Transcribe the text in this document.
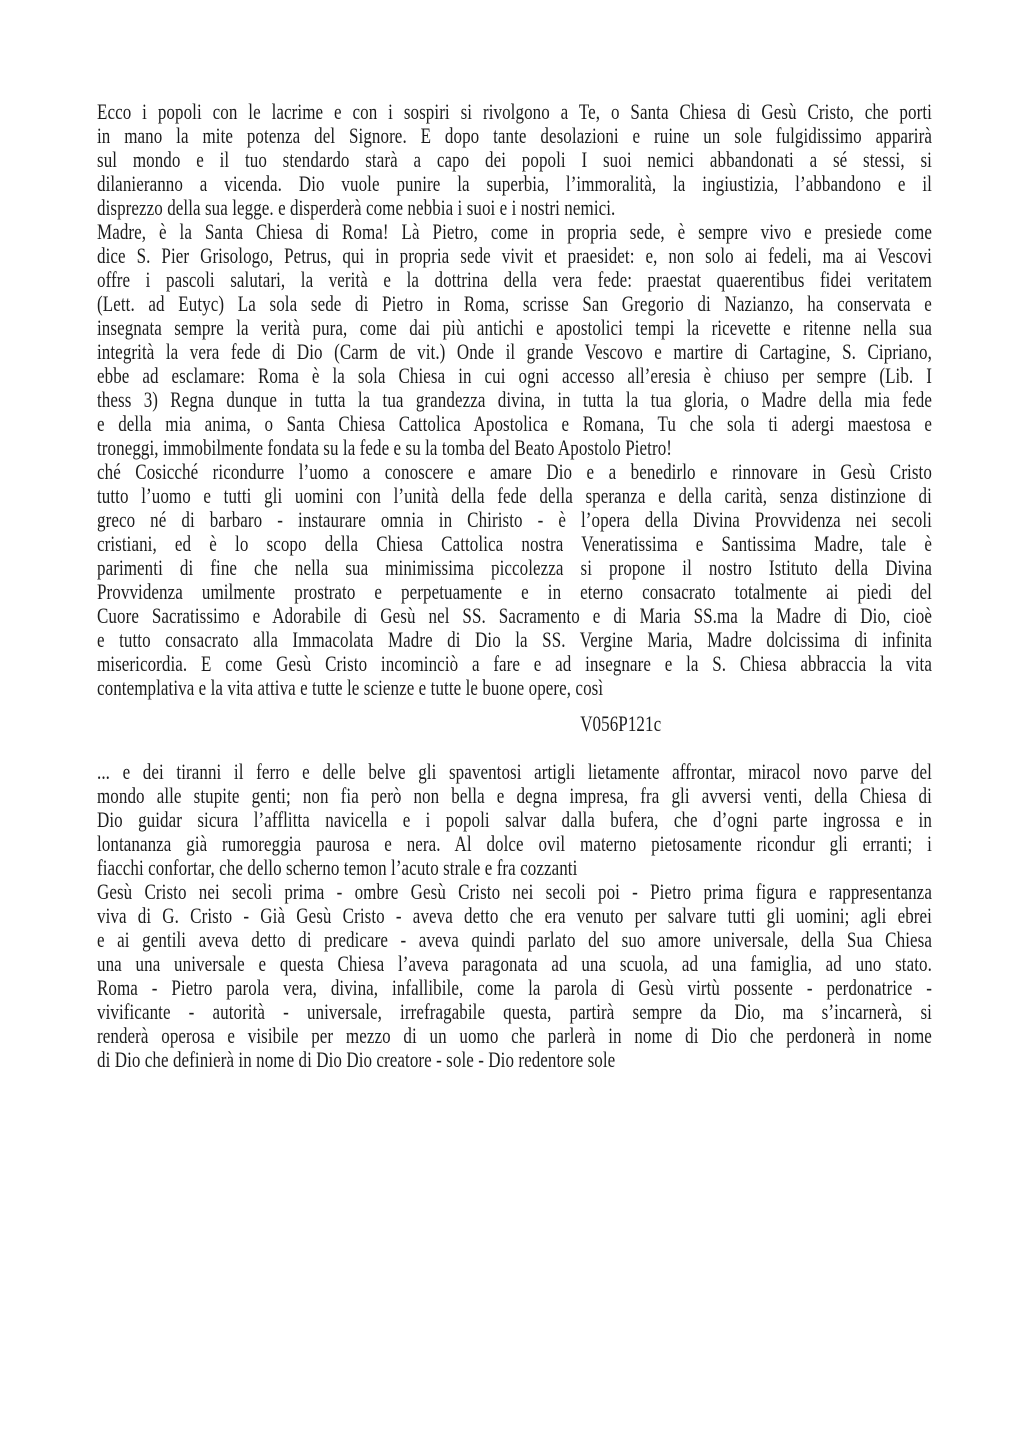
Ecco i popoli con le lacrime e con i sospiri si rivolgono a Te, o Santa Chiesa di Gesù Cristo, che porti
in mano la mite potenza del Signore. E dopo tante desolazioni e ruine un sole fulgidissimo apparirà
sul mondo e il tuo stendardo starà a capo dei popoli I suoi nemici abbandonati a sé stessi, si
dilanieranno a vicenda. Dio vuole punire la superbia, l’immoralità, la ingiustizia, l’abbandono e il
disprezzo della sua legge. e disperderà come nebbia i suoi e i nostri nemici.
Madre, è la Santa Chiesa di Roma! Là Pietro, come in propria sede, è sempre vivo e presiede come
dice S. Pier Grisologo, Petrus, qui in propria sede vivit et praesidet: e, non solo ai fedeli, ma ai Vescovi
offre i pascoli salutari, la verità e la dottrina della vera fede: praestat quaerentibus fidei veritatem
(Lett. ad Eutyc) La sola sede di Pietro in Roma, scrisse San Gregorio di Nazianzo, ha conservata e
insegnata sempre la verità pura, come dai più antichi e apostolici tempi la ricevette e ritenne nella sua
integrità la vera fede di Dio (Carm de vit.) Onde il grande Vescovo e martire di Cartagine, S. Cipriano,
ebbe ad esclamare: Roma è la sola Chiesa in cui ogni accesso all’eresia è chiuso per sempre (Lib. I
thess 3) Regna dunque in tutta la tua grandezza divina, in tutta la tua gloria, o Madre della mia fede
e della mia anima, o Santa Chiesa Cattolica Apostolica e Romana, Tu che sola ti adergi maestosa e
troneggi, immobilmente fondata su la fede e su la tomba del Beato Apostolo Pietro!
ché Cosicché ricondurre l’uomo a conoscere e amare Dio e a benedirlo e rinnovare in Gesù Cristo
tutto l’uomo e tutti gli uomini con l’unità della fede della speranza e della carità, senza distinzione di
greco né di barbaro - instaurare omnia in Chiristo - è l’opera della Divina Provvidenza nei secoli
cristiani, ed è lo scopo della Chiesa Cattolica nostra Veneratissima e Santissima Madre, tale è
parimenti di fine che nella sua minimissima piccolezza si propone il nostro Istituto della Divina
Provvidenza umilmente prostrato e perpetuamente e in eterno consacrato totalmente ai piedi del
Cuore Sacratissimo e Adorabile di Gesù nel SS. Sacramento e di Maria SS.ma la Madre di Dio, cioè
e tutto consacrato alla Immacolata Madre di Dio la SS. Vergine Maria, Madre dolcissima di infinita
misericordia. E come Gesù Cristo incominciò a fare e ad insegnare e la S. Chiesa abbraccia la vita
contemplativa e la vita attiva e tutte le scienze e tutte le buone opere, così
V056P121c
... e dei tiranni il ferro e delle belve gli spaventosi artigli lietamente affrontar, miracol novo parve del
mondo alle stupite genti; non fia però non bella e degna impresa, fra gli avversi venti, della Chiesa di
Dio guidar sicura l’afflitta navicella e i popoli salvar dalla bufera, che d’ogni parte ingrossa e in
lontananza già rumoreggia paurosa e nera. Al dolce ovil materno pietosamente ricondur gli erranti; i
fiacchi confortar, che dello scherno temon l’acuto strale e fra cozzanti
Gesù Cristo nei secoli prima - ombre Gesù Cristo nei secoli poi - Pietro prima figura e rappresentanza
viva di G. Cristo - Già Gesù Cristo - aveva detto che era venuto per salvare tutti gli uomini; agli ebrei
e ai gentili aveva detto di predicare - aveva quindi parlato del suo amore universale, della Sua Chiesa
una una universale e questa Chiesa l’aveva paragonata ad una scuola, ad una famiglia, ad uno stato.
Roma - Pietro parola vera, divina, infallibile, come la parola di Gesù virtù possente - perdonatrice -
vivificante - autorità - universale, irrefragabile questa, partirà sempre da Dio, ma s’incarnerà, si
renderà operosa e visibile per mezzo di un uomo che parlerà in nome di Dio che perdonerà in nome
di Dio che definierà in nome di Dio Dio creatore - sole - Dio redentore sole
